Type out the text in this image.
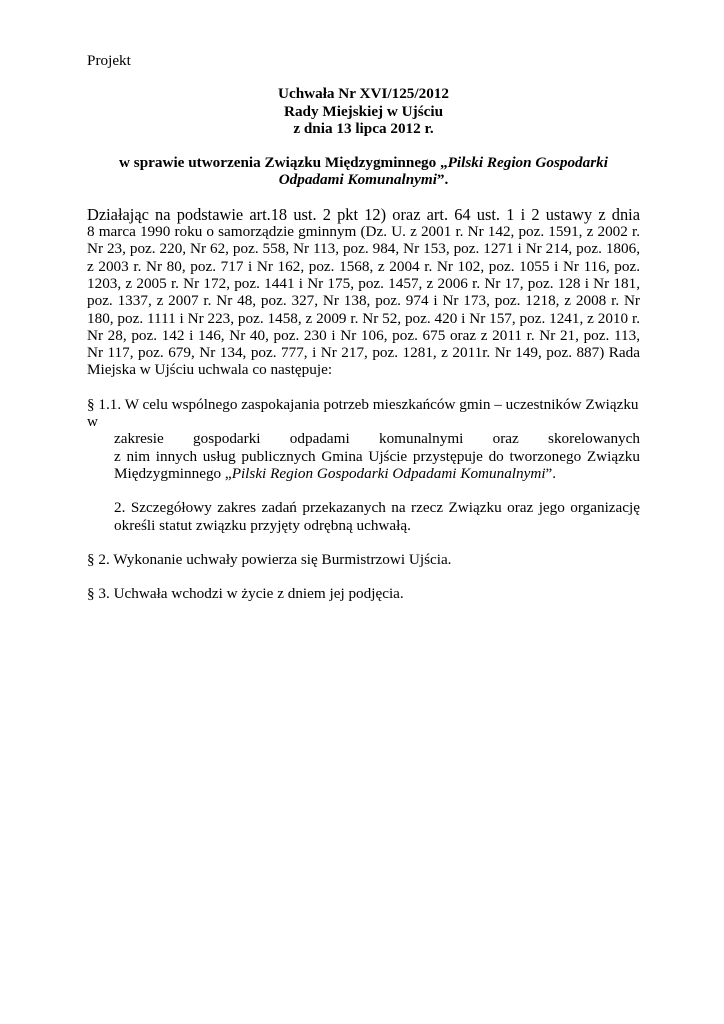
Projekt

Uchwała Nr XVI/125/2012

Rady Miejskiej w Ujściu

z dnia 13 lipca 2012 r.

w sprawie utworzenia Związku Międzygminnego „Pilski Region Gospodarki Odpadami Komunalnymi”.

Działając na podstawie art.18 ust. 2 pkt 12) oraz art. 64 ust. 1 i 2 ustawy z dnia
8 marca 1990 roku o samorządzie gminnym (Dz. U. z 2001 r. Nr 142, poz. 1591, z 2002 r. Nr 23, poz. 220, Nr 62, poz. 558, Nr 113, poz. 984, Nr 153, poz. 1271 i Nr 214, poz. 1806, z 2003 r. Nr 80, poz. 717 i Nr 162, poz. 1568, z 2004 r. Nr 102, poz. 1055 i Nr 116, poz. 1203, z 2005 r. Nr 172, poz. 1441 i Nr 175, poz. 1457, z 2006 r. Nr 17, poz. 128 i Nr 181, poz. 1337, z 2007 r. Nr 48, poz. 327, Nr 138, poz. 974 i Nr 173, poz. 1218, z 2008 r. Nr 180, poz. 1111 i Nr 223, poz. 1458, z 2009 r. Nr 52, poz. 420 i Nr 157, poz. 1241, z 2010 r. Nr 28, poz. 142 i 146, Nr 40, poz. 230 i Nr 106, poz. 675 oraz z 2011 r. Nr 21, poz. 113, Nr 117, poz. 679, Nr 134, poz. 777, i Nr 217, poz. 1281, z 2011r. Nr 149, poz. 887) Rada Miejska w Ujściu uchwala co następuje:
§ 1.1. W celu wspólnego zaspokajania potrzeb mieszkańców gmin – uczestników Związku w
zakresie gospodarki odpadami komunalnymi oraz skorelowanych
z nim innych usług publicznych Gmina Ujście przystępuje do tworzonego Związku Międzygminnego „Pilski Region Gospodarki Odpadami Komunalnymi”.

2. Szczegółowy zakres zadań przekazanych na rzecz Związku oraz jego organizację określi statut związku przyjęty odrębną uchwałą.

§ 2. Wykonanie uchwały powierza się Burmistrzowi Ujścia.

§ 3. Uchwała wchodzi w życie z dniem jej podjęcia.
